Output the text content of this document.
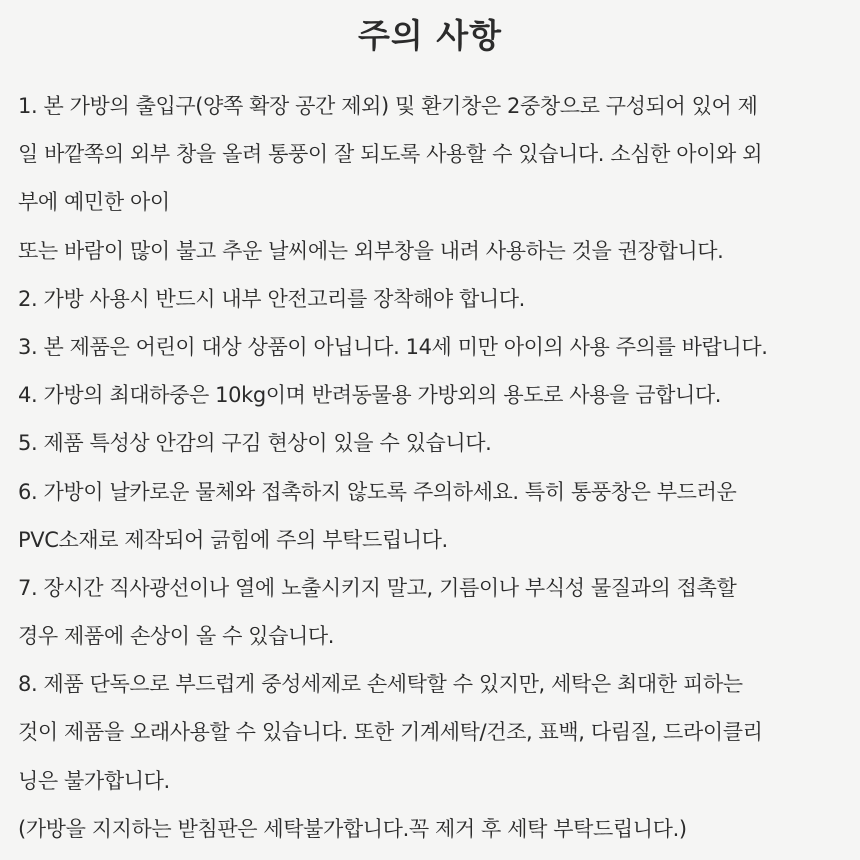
주의 사항
1. 본 가방의 출입구(양쪽 확장 공간 제외) 및 환기창은 2중창으로 구성되어 있어 제
일 바깥쪽의 외부 창을 올려 통풍이 잘 되도록 사용할 수 있습니다. 소심한 아이와 외
부에 예민한 아이
또는 바람이 많이 불고 추운 날씨에는 외부창을 내려 사용하는 것을 권장합니다.
2. 가방 사용시 반드시 내부 안전고리를 장착해야 합니다.
3. 본 제품은 어린이 대상 상품이 아닙니다. 14세 미만 아이의 사용 주의를 바랍니다.
4. 가방의 최대하중은 10kg이며 반려동물용 가방외의 용도로 사용을 금합니다.
5. 제품 특성상 안감의 구김 현상이 있을 수 있습니다.
6. 가방이 날카로운 물체와 접촉하지 않도록 주의하세요. 특히 통풍창은 부드러운
PVC소재로 제작되어 긁힘에 주의 부탁드립니다.
7. 장시간 직사광선이나 열에 노출시키지 말고, 기름이나 부식성 물질과의 접촉할
경우 제품에 손상이 올 수 있습니다.
8. 제품 단독으로 부드럽게 중성세제로 손세탁할 수 있지만, 세탁은 최대한 피하는
것이 제품을 오래사용할 수 있습니다. 또한 기계세탁/건조, 표백, 다림질, 드라이클리
닝은 불가합니다.
(가방을 지지하는 받침판은 세탁불가합니다.꼭 제거 후 세탁 부탁드립니다.)
